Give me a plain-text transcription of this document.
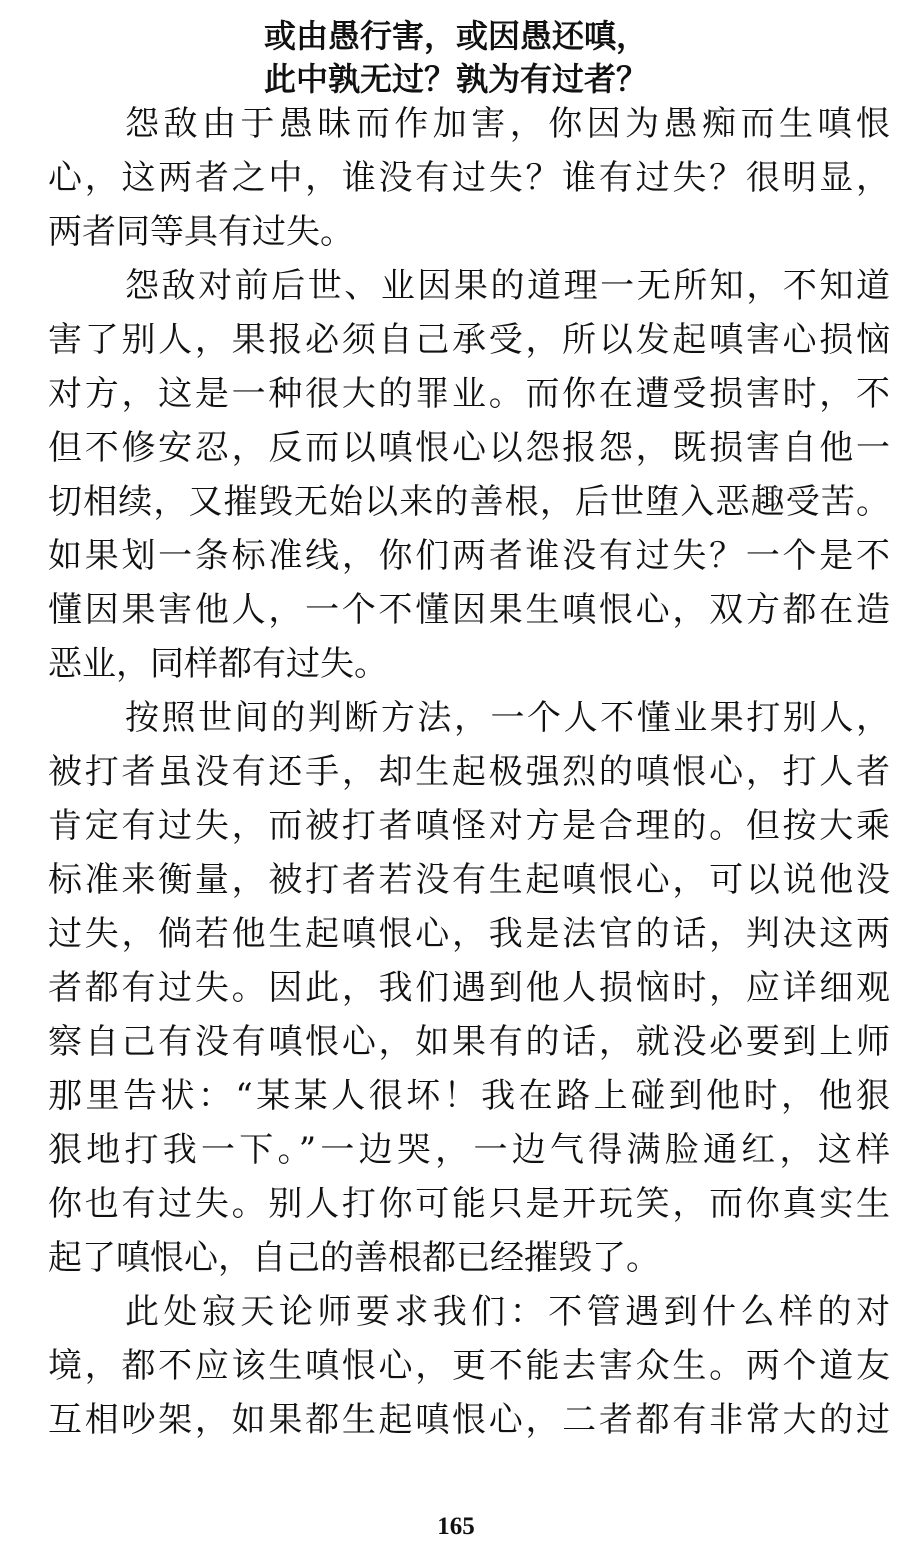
或由愚行害，或因愚还嗔，
此中孰无过？孰为有过者？
怨敌由于愚昧而作加害，你因为愚痴而生嗔恨
心，这两者之中，谁没有过失？谁有过失？很明显，
两者同等具有过失。
怨敌对前后世、业因果的道理一无所知，不知道
害了别人，果报必须自己承受，所以发起嗔害心损恼
对方，这是一种很大的罪业。而你在遭受损害时，不
但不修安忍，反而以嗔恨心以怨报怨，既损害自他一
切相续，又摧毁无始以来的善根，后世堕入恶趣受苦。
如果划一条标准线，你们两者谁没有过失？一个是不
懂因果害他人，一个不懂因果生嗔恨心，双方都在造
恶业，同样都有过失。
按照世间的判断方法，一个人不懂业果打别人，
被打者虽没有还手，却生起极强烈的嗔恨心，打人者
肯定有过失，而被打者嗔怪对方是合理的。但按大乘
标准来衡量，被打者若没有生起嗔恨心，可以说他没
过失，倘若他生起嗔恨心，我是法官的话，判决这两
者都有过失。因此，我们遇到他人损恼时，应详细观
察自己有没有嗔恨心，如果有的话，就没必要到上师
那里告状：“某某人很坏！我在路上碰到他时，他狠
狠地打我一下。”一边哭，一边气得满脸通红，这样
你也有过失。别人打你可能只是开玩笑，而你真实生
起了嗔恨心，自己的善根都已经摧毁了。
此处寂天论师要求我们：不管遇到什么样的对
境，都不应该生嗔恨心，更不能去害众生。两个道友
互相吵架，如果都生起嗔恨心，二者都有非常大的过
165
